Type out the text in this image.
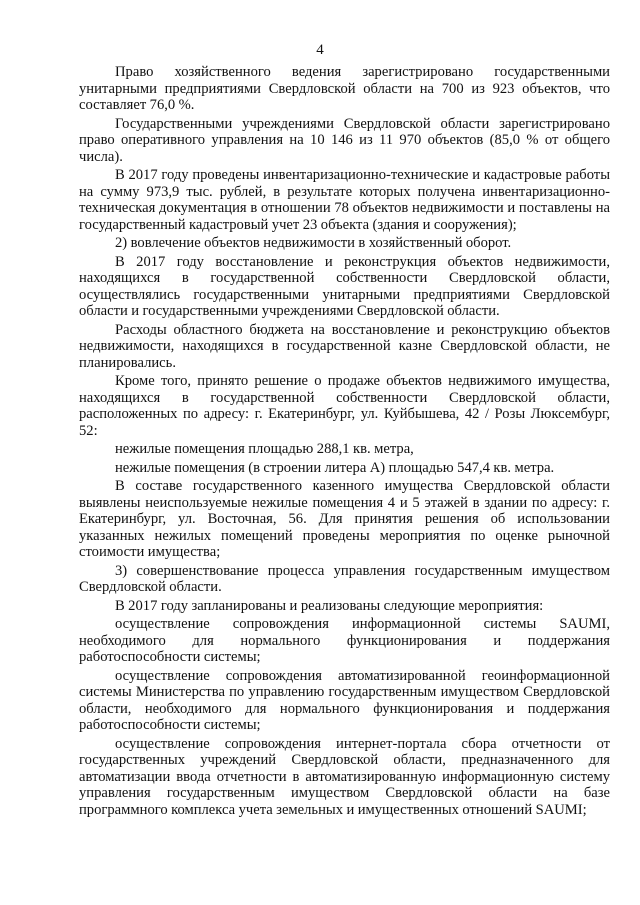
4

Право хозяйственного ведения зарегистрировано государственными унитарными предприятиями Свердловской области на 700 из 923 объектов, что составляет 76,0 %.

Государственными учреждениями Свердловской области зарегистрировано право оперативного управления на 10 146 из 11 970 объектов (85,0 % от общего числа).

В 2017 году проведены инвентаризационно-технические и кадастровые работы на сумму 973,9 тыс. рублей, в результате которых получена инвентаризационно-техническая документация в отношении 78 объектов недвижимости и поставлены на государственный кадастровый учет 23 объекта (здания и сооружения);

2) вовлечение объектов недвижимости в хозяйственный оборот.

В 2017 году восстановление и реконструкция объектов недвижимости, находящихся в государственной собственности Свердловской области, осуществлялись государственными унитарными предприятиями Свердловской области и государственными учреждениями Свердловской области.

Расходы областного бюджета на восстановление и реконструкцию объектов недвижимости, находящихся в государственной казне Свердловской области, не планировались.

Кроме того, принято решение о продаже объектов недвижимого имущества, находящихся в государственной собственности Свердловской области, расположенных по адресу: г. Екатеринбург, ул. Куйбышева, 42 / Розы Люксембург, 52:

нежилые помещения площадью 288,1 кв. метра,

нежилые помещения (в строении литера А) площадью 547,4 кв. метра.

В составе государственного казенного имущества Свердловской области выявлены неиспользуемые нежилые помещения 4 и 5 этажей в здании по адресу: г. Екатеринбург, ул. Восточная, 56. Для принятия решения об использовании указанных нежилых помещений проведены мероприятия по оценке рыночной стоимости имущества;

3) совершенствование процесса управления государственным имуществом Свердловской области.

В 2017 году запланированы и реализованы следующие мероприятия:

осуществление сопровождения информационной системы SAUMI, необходимого для нормального функционирования и поддержания работоспособности системы;

осуществление сопровождения автоматизированной геоинформационной системы Министерства по управлению государственным имуществом Свердловской области, необходимого для нормального функционирования и поддержания работоспособности системы;

осуществление сопровождения интернет-портала сбора отчетности от государственных учреждений Свердловской области, предназначенного для автоматизации ввода отчетности в автоматизированную информационную систему управления государственным имуществом Свердловской области на базе программного комплекса учета земельных и имущественных отношений SAUMI;
